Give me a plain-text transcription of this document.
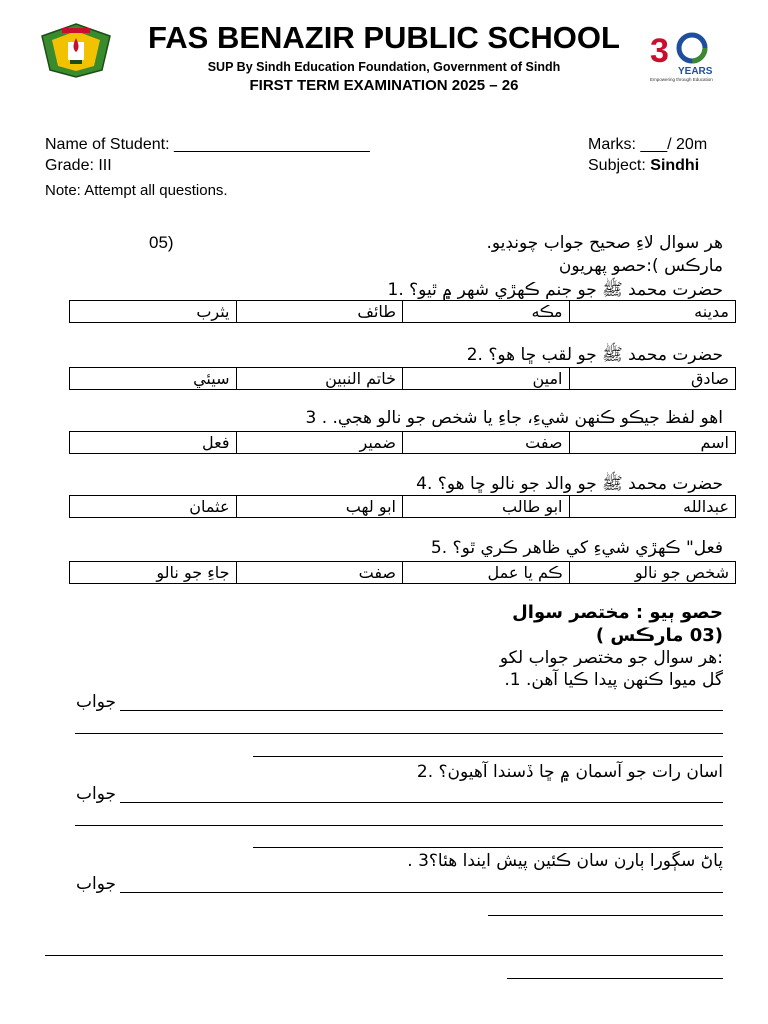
3
YEARS
Empowering through Education
FAS BENAZIR PUBLIC SCHOOL
SUP By Sindh Education Foundation, Government of Sindh
FIRST TERM EXAMINATION 2025 – 26
Name of Student: ______________________
Grade: III
Marks: ___/ 20m
Subject: Sindhi
Note: Attempt all questions.
هر سوال لاءِ صحيح جواب چونڊيو.
05)
مارڪس ):حصو پهريون
حضرت محمد ﷺ جو جنم ڪهڙي شهر ۾ ٿيو؟ .1
مدينه	مڪه	طائف	يثرب
حضرت محمد ﷺ جو لقب ڇا هو؟ .2
صادق	امين	خاتم النبين	سيئي
اهو لفظ جيڪو ڪنهن شيءِ، جاءِ يا شخص جو نالو هجي. . 3
اسم	صفت	ضمير	فعل
حضرت محمد ﷺ جو والد جو نالو ڇا هو؟ .4
عبدالله	ابو طالب	ابو لهب	عثمان
فعل" ڪهڙي شيءِ کي ظاهر ڪري ٿو؟ .5
شخص جو نالو	ڪم يا عمل	صفت	جاءِ جو نالو
حصو ٻيو : مختصر سوال
(03 مارڪس )
:هر سوال جو مختصر جواب لکو
گل ميوا ڪنهن پيدا ڪيا آهن. 1.
جواب
اسان رات جو آسمان ۾ ڇا ڏسندا آهيون؟ .2
جواب
پاڻ سڳورا ٻارن سان ڪئين پيش ايندا هئا؟3 .
جواب
